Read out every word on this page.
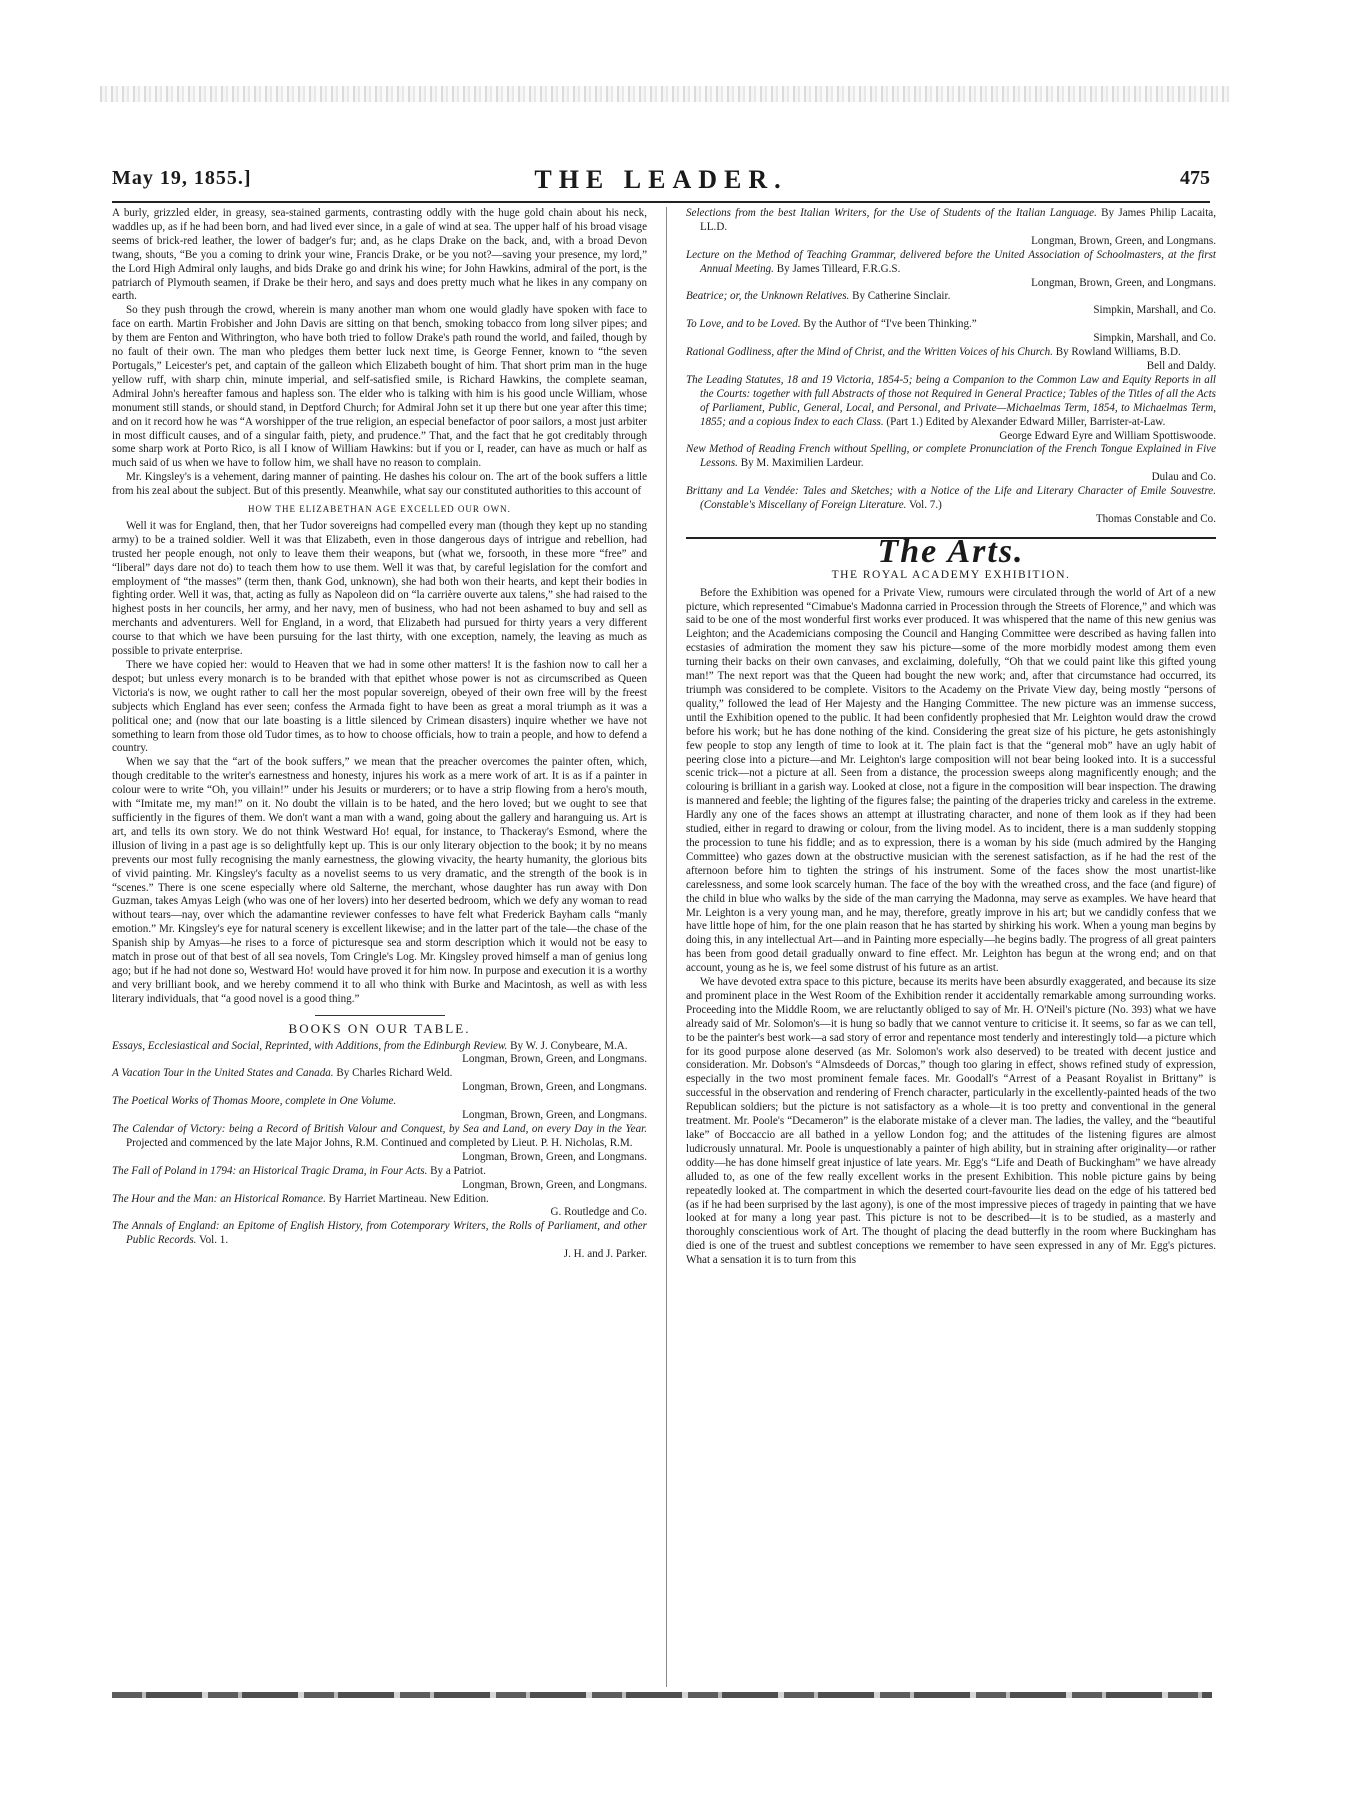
May 19, 1855.]	THE LEADER.	475

A burly, grizzled elder, in greasy, sea-stained garments, contrasting oddly with the huge gold chain about his neck, waddles up, as if he had been born, and had lived ever since, in a gale of wind at sea. The upper half of his broad visage seems of brick-red leather, the lower of badger's fur; and, as he claps Drake on the back, and, with a broad Devon twang, shouts, “Be you a coming to drink your wine, Francis Drake, or be you not?—saving your presence, my lord,” the Lord High Admiral only laughs, and bids Drake go and drink his wine; for John Hawkins, admiral of the port, is the patriarch of Plymouth seamen, if Drake be their hero, and says and does pretty much what he likes in any company on earth.

So they push through the crowd, wherein is many another man whom one would gladly have spoken with face to face on earth. Martin Frobisher and John Davis are sitting on that bench, smoking tobacco from long silver pipes; and by them are Fenton and Withrington, who have both tried to follow Drake's path round the world, and failed, though by no fault of their own. The man who pledges them better luck next time, is George Fenner, known to “the seven Portugals,” Leicester's pet, and captain of the galleon which Elizabeth bought of him. That short prim man in the huge yellow ruff, with sharp chin, minute imperial, and self-satisfied smile, is Richard Hawkins, the complete seaman, Admiral John's hereafter famous and hapless son. The elder who is talking with him is his good uncle William, whose monument still stands, or should stand, in Deptford Church; for Admiral John set it up there but one year after this time; and on it record how he was “A worshipper of the true religion, an especial benefactor of poor sailors, a most just arbiter in most difficult causes, and of a singular faith, piety, and prudence.” That, and the fact that he got creditably through some sharp work at Porto Rico, is all I know of William Hawkins: but if you or I, reader, can have as much or half as much said of us when we have to follow him, we shall have no reason to complain.

Mr. Kingsley's is a vehement, daring manner of painting. He dashes his colour on. The art of the book suffers a little from his zeal about the subject. But of this presently. Meanwhile, what say our constituted authorities to this account of

HOW THE ELIZABETHAN AGE EXCELLED OUR OWN.

Well it was for England, then, that her Tudor sovereigns had compelled every man (though they kept up no standing army) to be a trained soldier. Well it was that Elizabeth, even in those dangerous days of intrigue and rebellion, had trusted her people enough, not only to leave them their weapons, but (what we, forsooth, in these more “free” and “liberal” days dare not do) to teach them how to use them. Well it was that, by careful legislation for the comfort and employment of “the masses” (term then, thank God, unknown), she had both won their hearts, and kept their bodies in fighting order. Well it was, that, acting as fully as Napoleon did on “la carrière ouverte aux talens,” she had raised to the highest posts in her councils, her army, and her navy, men of business, who had not been ashamed to buy and sell as merchants and adventurers. Well for England, in a word, that Elizabeth had pursued for thirty years a very different course to that which we have been pursuing for the last thirty, with one exception, namely, the leaving as much as possible to private enterprise.

There we have copied her: would to Heaven that we had in some other matters! It is the fashion now to call her a despot; but unless every monarch is to be branded with that epithet whose power is not as circumscribed as Queen Victoria's is now, we ought rather to call her the most popular sovereign, obeyed of their own free will by the freest subjects which England has ever seen; confess the Armada fight to have been as great a moral triumph as it was a political one; and (now that our late boasting is a little silenced by Crimean disasters) inquire whether we have not something to learn from those old Tudor times, as to how to choose officials, how to train a people, and how to defend a country.

When we say that the “art of the book suffers,” we mean that the preacher overcomes the painter often, which, though creditable to the writer's earnestness and honesty, injures his work as a mere work of art. It is as if a painter in colour were to write “Oh, you villain!” under his Jesuits or murderers; or to have a strip flowing from a hero's mouth, with “Imitate me, my man!” on it. No doubt the villain is to be hated, and the hero loved; but we ought to see that sufficiently in the figures of them. We don't want a man with a wand, going about the gallery and haranguing us. Art is art, and tells its own story. We do not think Westward Ho! equal, for instance, to Thackeray's Esmond, where the illusion of living in a past age is so delightfully kept up. This is our only literary objection to the book; it by no means prevents our most fully recognising the manly earnestness, the glowing vivacity, the hearty humanity, the glorious bits of vivid painting. Mr. Kingsley's faculty as a novelist seems to us very dramatic, and the strength of the book is in “scenes.” There is one scene especially where old Salterne, the merchant, whose daughter has run away with Don Guzman, takes Amyas Leigh (who was one of her lovers) into her deserted bedroom, which we defy any woman to read without tears—nay, over which the adamantine reviewer confesses to have felt what Frederick Bayham calls “manly emotion.” Mr. Kingsley's eye for natural scenery is excellent likewise; and in the latter part of the tale—the chase of the Spanish ship by Amyas—he rises to a force of picturesque sea and storm description which it would not be easy to match in prose out of that best of all sea novels, Tom Cringle's Log. Mr. Kingsley proved himself a man of genius long ago; but if he had not done so, Westward Ho! would have proved it for him now. In purpose and execution it is a worthy and very brilliant book, and we hereby commend it to all who think with Burke and Macintosh, as well as with less literary individuals, that “a good novel is a good thing.”

BOOKS ON OUR TABLE.
Essays, Ecclesiastical and Social, Reprinted, with Additions, from the Edinburgh Review. By W. J. Conybeare, M.A.
Longman, Brown, Green, and Longmans.
A Vacation Tour in the United States and Canada. By Charles Richard Weld.
Longman, Brown, Green, and Longmans.
The Poetical Works of Thomas Moore, complete in One Volume.
Longman, Brown, Green, and Longmans.
The Calendar of Victory: being a Record of British Valour and Conquest, by Sea and Land, on every Day in the Year. Projected and commenced by the late Major Johns, R.M. Continued and completed by Lieut. P. H. Nicholas, R.M.
Longman, Brown, Green, and Longmans.
The Fall of Poland in 1794: an Historical Tragic Drama, in Four Acts. By a Patriot.
Longman, Brown, Green, and Longmans.
The Hour and the Man: an Historical Romance. By Harriet Martineau. New Edition.
G. Routledge and Co.
The Annals of England: an Epitome of English History, from Cotemporary Writers, the Rolls of Parliament, and other Public Records. Vol. 1.
J. H. and J. Parker.
Selections from the best Italian Writers, for the Use of Students of the Italian Language. By James Philip Lacaita, LL.D.
Longman, Brown, Green, and Longmans.
Lecture on the Method of Teaching Grammar, delivered before the United Association of Schoolmasters, at the first Annual Meeting. By James Tilleard, F.R.G.S.
Longman, Brown, Green, and Longmans.
Beatrice; or, the Unknown Relatives. By Catherine Sinclair.
Simpkin, Marshall, and Co.
To Love, and to be Loved. By the Author of “I've been Thinking.”
Simpkin, Marshall, and Co.
Rational Godliness, after the Mind of Christ, and the Written Voices of his Church. By Rowland Williams, B.D.
Bell and Daldy.
The Leading Statutes, 18 and 19 Victoria, 1854-5; being a Companion to the Common Law and Equity Reports in all the Courts: together with full Abstracts of those not Required in General Practice; Tables of the Titles of all the Acts of Parliament, Public, General, Local, and Personal, and Private—Michaelmas Term, 1854, to Michaelmas Term, 1855; and a copious Index to each Class. (Part 1.) Edited by Alexander Edward Miller, Barrister-at-Law.
George Edward Eyre and William Spottiswoode.
New Method of Reading French without Spelling, or complete Pronunciation of the French Tongue Explained in Five Lessons. By M. Maximilien Lardeur.
Dulau and Co.
Brittany and La Vendée: Tales and Sketches; with a Notice of the Life and Literary Character of Emile Souvestre. (Constable's Miscellany of Foreign Literature. Vol. 7.)
Thomas Constable and Co.
The Arts.
THE ROYAL ACADEMY EXHIBITION.

Before the Exhibition was opened for a Private View, rumours were circulated through the world of Art of a new picture, which represented “Cimabue's Madonna carried in Procession through the Streets of Florence,” and which was said to be one of the most wonderful first works ever produced. It was whispered that the name of this new genius was Leighton; and the Academicians composing the Council and Hanging Committee were described as having fallen into ecstasies of admiration the moment they saw his picture—some of the more morbidly modest among them even turning their backs on their own canvases, and exclaiming, dolefully, “Oh that we could paint like this gifted young man!” The next report was that the Queen had bought the new work; and, after that circumstance had occurred, its triumph was considered to be complete. Visitors to the Academy on the Private View day, being mostly “persons of quality,” followed the lead of Her Majesty and the Hanging Committee. The new picture was an immense success, until the Exhibition opened to the public. It had been confidently prophesied that Mr. Leighton would draw the crowd before his work; but he has done nothing of the kind. Considering the great size of his picture, he gets astonishingly few people to stop any length of time to look at it. The plain fact is that the “general mob” have an ugly habit of peering close into a picture—and Mr. Leighton's large composition will not bear being looked into. It is a successful scenic trick—not a picture at all. Seen from a distance, the procession sweeps along magnificently enough; and the colouring is brilliant in a garish way. Looked at close, not a figure in the composition will bear inspection. The drawing is mannered and feeble; the lighting of the figures false; the painting of the draperies tricky and careless in the extreme. Hardly any one of the faces shows an attempt at illustrating character, and none of them look as if they had been studied, either in regard to drawing or colour, from the living model. As to incident, there is a man suddenly stopping the procession to tune his fiddle; and as to expression, there is a woman by his side (much admired by the Hanging Committee) who gazes down at the obstructive musician with the serenest satisfaction, as if he had the rest of the afternoon before him to tighten the strings of his instrument. Some of the faces show the most unartist-like carelessness, and some look scarcely human. The face of the boy with the wreathed cross, and the face (and figure) of the child in blue who walks by the side of the man carrying the Madonna, may serve as examples. We have heard that Mr. Leighton is a very young man, and he may, therefore, greatly improve in his art; but we candidly confess that we have little hope of him, for the one plain reason that he has started by shirking his work. When a young man begins by doing this, in any intellectual Art—and in Painting more especially—he begins badly. The progress of all great painters has been from good detail gradually onward to fine effect. Mr. Leighton has begun at the wrong end; and on that account, young as he is, we feel some distrust of his future as an artist.

We have devoted extra space to this picture, because its merits have been absurdly exaggerated, and because its size and prominent place in the West Room of the Exhibition render it accidentally remarkable among surrounding works. Proceeding into the Middle Room, we are reluctantly obliged to say of Mr. H. O'Neil's picture (No. 393) what we have already said of Mr. Solomon's—it is hung so badly that we cannot venture to criticise it. It seems, so far as we can tell, to be the painter's best work—a sad story of error and repentance most tenderly and interestingly told—a picture which for its good purpose alone deserved (as Mr. Solomon's work also deserved) to be treated with decent justice and consideration. Mr. Dobson's “Almsdeeds of Dorcas,” though too glaring in effect, shows refined study of expression, especially in the two most prominent female faces. Mr. Goodall's “Arrest of a Peasant Royalist in Brittany” is successful in the observation and rendering of French character, particularly in the excellently-painted heads of the two Republican soldiers; but the picture is not satisfactory as a whole—it is too pretty and conventional in the general treatment. Mr. Poole's “Decameron” is the elaborate mistake of a clever man. The ladies, the valley, and the “beautiful lake” of Boccaccio are all bathed in a yellow London fog; and the attitudes of the listening figures are almost ludicrously unnatural. Mr. Poole is unquestionably a painter of high ability, but in straining after originality—or rather oddity—he has done himself great injustice of late years. Mr. Egg's “Life and Death of Buckingham” we have already alluded to, as one of the few really excellent works in the present Exhibition. This noble picture gains by being repeatedly looked at. The compartment in which the deserted court-favourite lies dead on the edge of his tattered bed (as if he had been surprised by the last agony), is one of the most impressive pieces of tragedy in painting that we have looked at for many a long year past. This picture is not to be described—it is to be studied, as a masterly and thoroughly conscientious work of Art. The thought of placing the dead butterfly in the room where Buckingham has died is one of the truest and subtlest conceptions we remember to have seen expressed in any of Mr. Egg's pictures. What a sensation it is to turn from this
